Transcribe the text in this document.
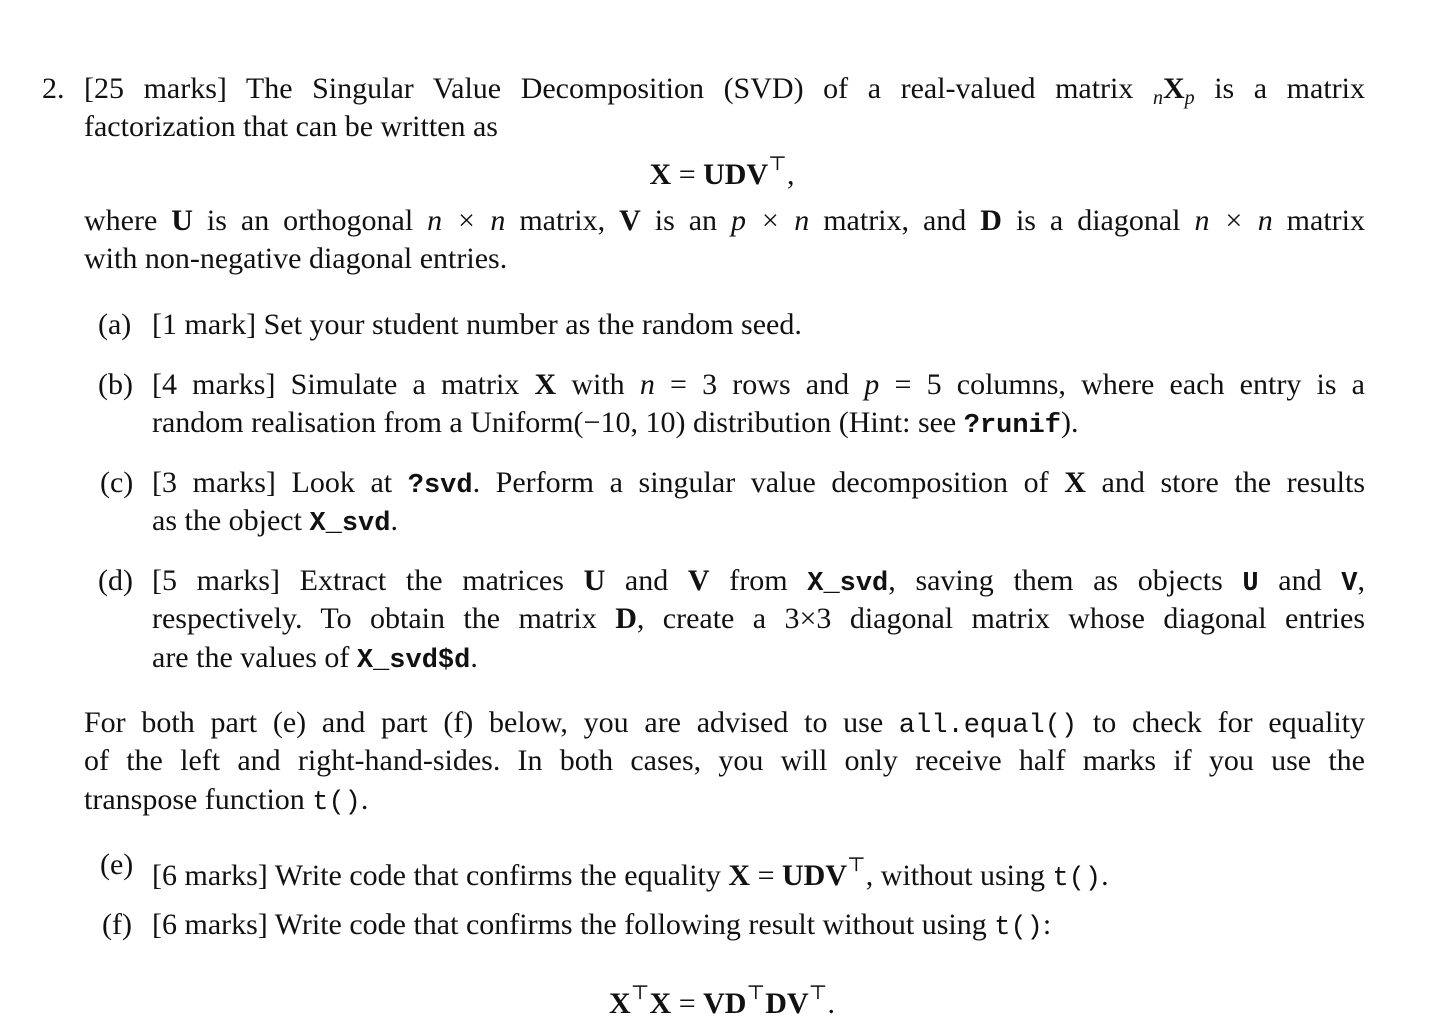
2. [25 marks] The Singular Value Decomposition (SVD) of a real-valued matrix $_nX_p$ is a matrix
factorization that can be written as
X = UDV⊤,
where U is an orthogonal n × n matrix, V is an p × n matrix, and D is a diagonal n × n matrix
with non-negative diagonal entries.
(a) [1 mark] Set your student number as the random seed.
(b) [4 marks] Simulate a matrix X with n = 3 rows and p = 5 columns, where each entry is a
random realisation from a Uniform(−10, 10) distribution (Hint: see ?runif).
(c) [3 marks] Look at ?svd. Perform a singular value decomposition of X and store the results
as the object X_svd.
(d) [5 marks] Extract the matrices U and V from X_svd, saving them as objects U and V,
respectively. To obtain the matrix D, create a 3×3 diagonal matrix whose diagonal entries
are the values of X_svd$d.
For both part (e) and part (f) below, you are advised to use all.equal() to check for equality
of the left and right-hand-sides. In both cases, you will only receive half marks if you use the
transpose function t().
(e) [6 marks] Write code that confirms the equality X = UDV⊤, without using t().
(f) [6 marks] Write code that confirms the following result without using t():
X⊤X = VD⊤DV⊤.
